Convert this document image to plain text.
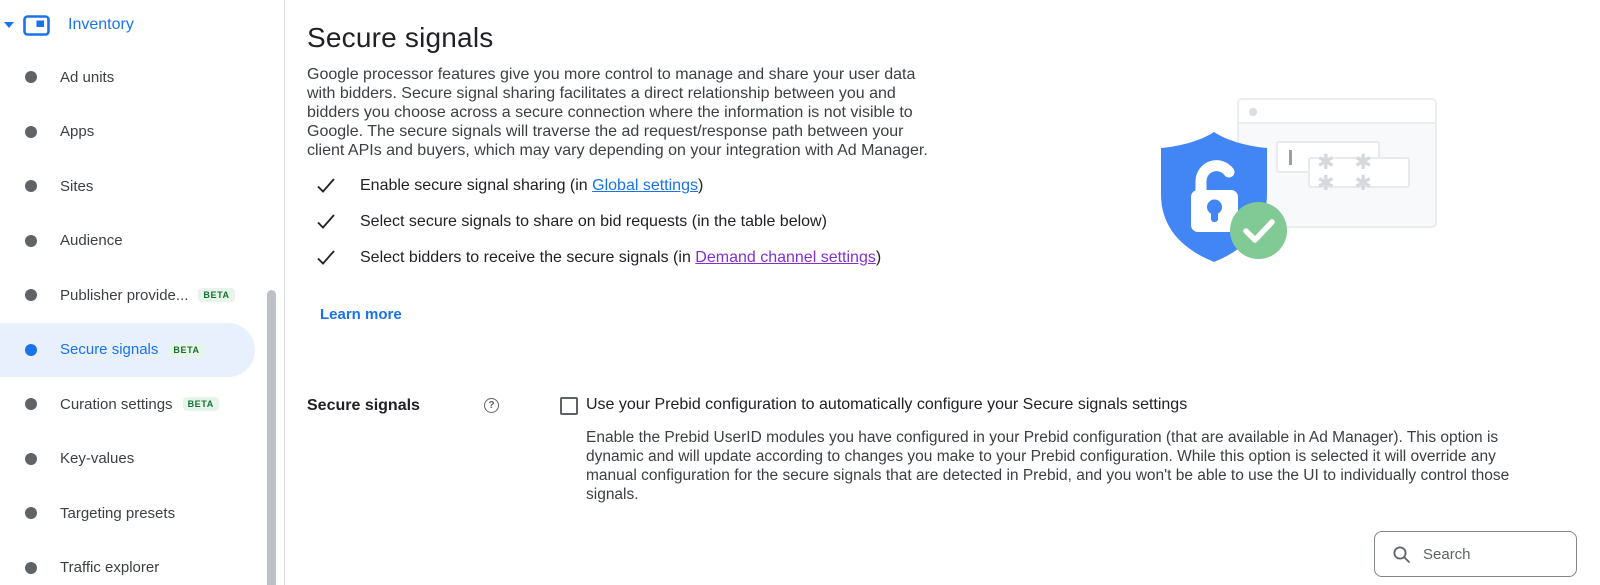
Inventory
Ad units
Apps
Sites
Audience
Publisher provide...	BETA
Secure signals	BETA
Curation settings	BETA
Key-values
Targeting presets
Traffic explorer
Secure signals

Google processor features give you more control to manage and share your user data with bidders. Secure signal sharing facilitates a direct relationship between you and bidders you choose across a secure connection where the information is not visible to Google. The secure signals will traverse the ad request/response path between your client APIs and buyers, which may vary depending on your integration with Ad Manager.

Enable secure signal sharing (in Global settings)
Select secure signals to share on bid requests (in the table below)
Select bidders to receive the secure signals (in Demand channel settings)
Learn more
Secure signals	?	Use your Prebid configuration to automatically configure your Secure signals settings

Enable the Prebid UserID modules you have configured in your Prebid configuration (that are available in Ad Manager). This option is dynamic and will update according to changes you make to your Prebid configuration. While this option is selected it will override any manual configuration for the secure signals that are detected in Prebid, and you won't be able to use the UI to individually control those signals.

Search
✱ ✱ ✱ ✱
